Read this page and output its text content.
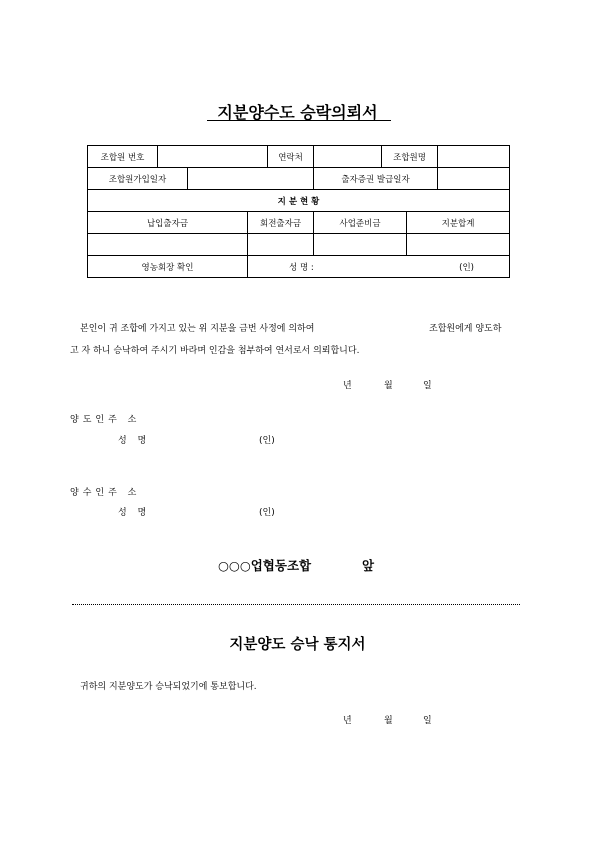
지분양수도 승락의뢰서
조합원 번호				연락처		조합원명		
조합원가입일자					출자증권 발급일자			
지 분 현 황								
납입출자금			회전출자금		사업준비금		지분합계	

영농회장 확인			성 명 : (인)					
본인이 귀 조합에 가지고 있는 위 지분을 금번 사정에 의하여	조합원에게 양도하
고 자 하니 승낙하여 주시기 바라며 인감을 첨부하여 연서로서 의뢰합니다.
년	월	일
양도인주 소
성 명	(인)
양수인주 소
성 명	(인)
○○○업협동조합	앞
지분양도 승낙 통지서
귀하의 지분양도가 승낙되었기에 통보합니다.
년	월	일
